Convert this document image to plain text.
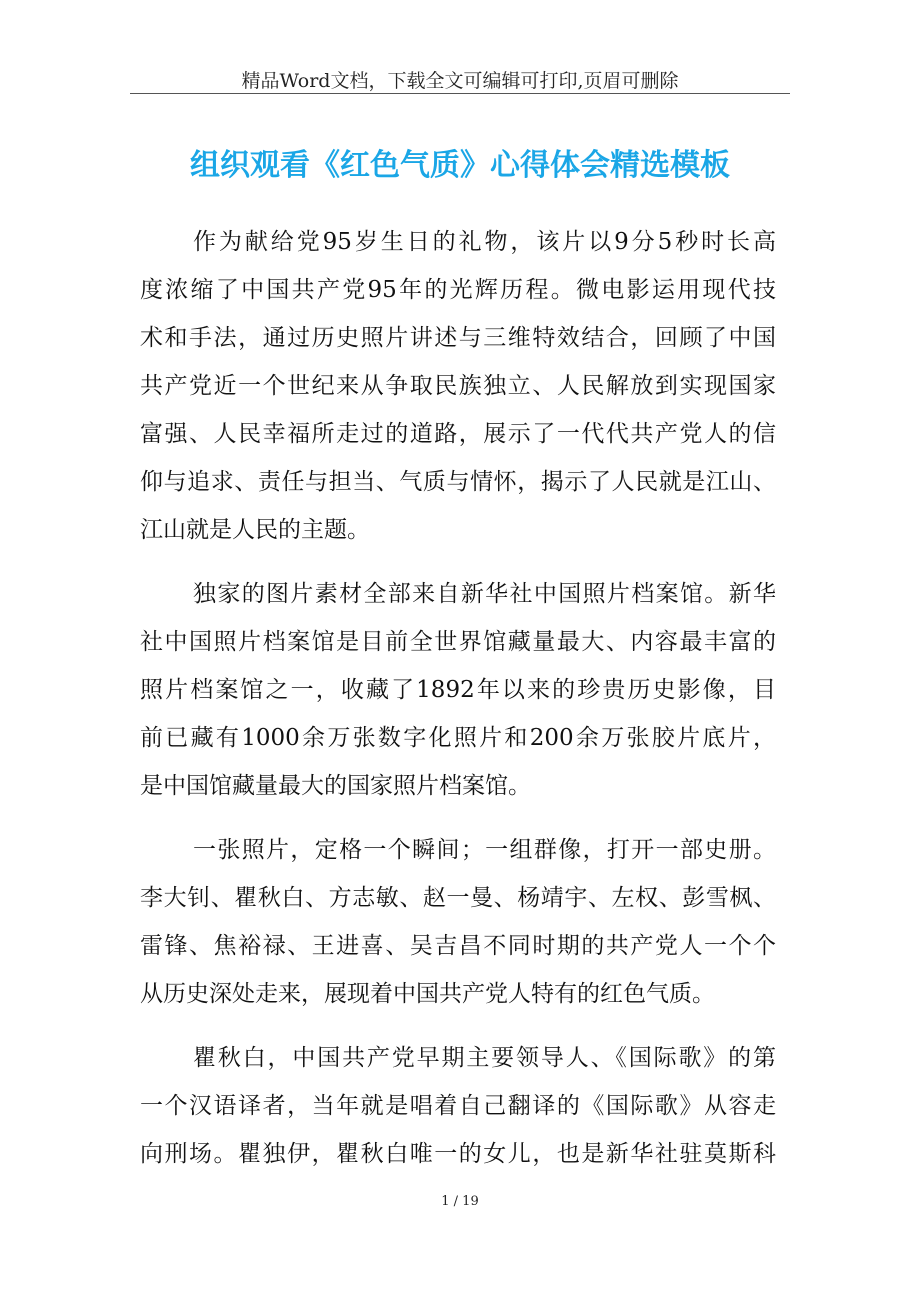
精品Word文档，下载全文可编辑可打印,页眉可删除
组织观看《红色气质》心得体会精选模板
作为献给党95岁生日的礼物，该片以9分5秒时长高
度浓缩了中国共产党95年的光辉历程。微电影运用现代技
术和手法，通过历史照片讲述与三维特效结合，回顾了中国
共产党近一个世纪来从争取民族独立、人民解放到实现国家
富强、人民幸福所走过的道路，展示了一代代共产党人的信
仰与追求、责任与担当、气质与情怀，揭示了人民就是江山、
江山就是人民的主题。
独家的图片素材全部来自新华社中国照片档案馆。新华
社中国照片档案馆是目前全世界馆藏量最大、内容最丰富的
照片档案馆之一，收藏了1892年以来的珍贵历史影像，目
前已藏有1000余万张数字化照片和200余万张胶片底片，
是中国馆藏量最大的国家照片档案馆。
一张照片，定格一个瞬间；一组群像，打开一部史册。
李大钊、瞿秋白、方志敏、赵一曼、杨靖宇、左权、彭雪枫、
雷锋、焦裕禄、王进喜、吴吉昌不同时期的共产党人一个个
从历史深处走来，展现着中国共产党人特有的红色气质。
瞿秋白，中国共产党早期主要领导人、《国际歌》的第
一个汉语译者，当年就是唱着自己翻译的《国际歌》从容走
向刑场。瞿独伊，瞿秋白唯一的女儿，也是新华社驻莫斯科
1 / 19
